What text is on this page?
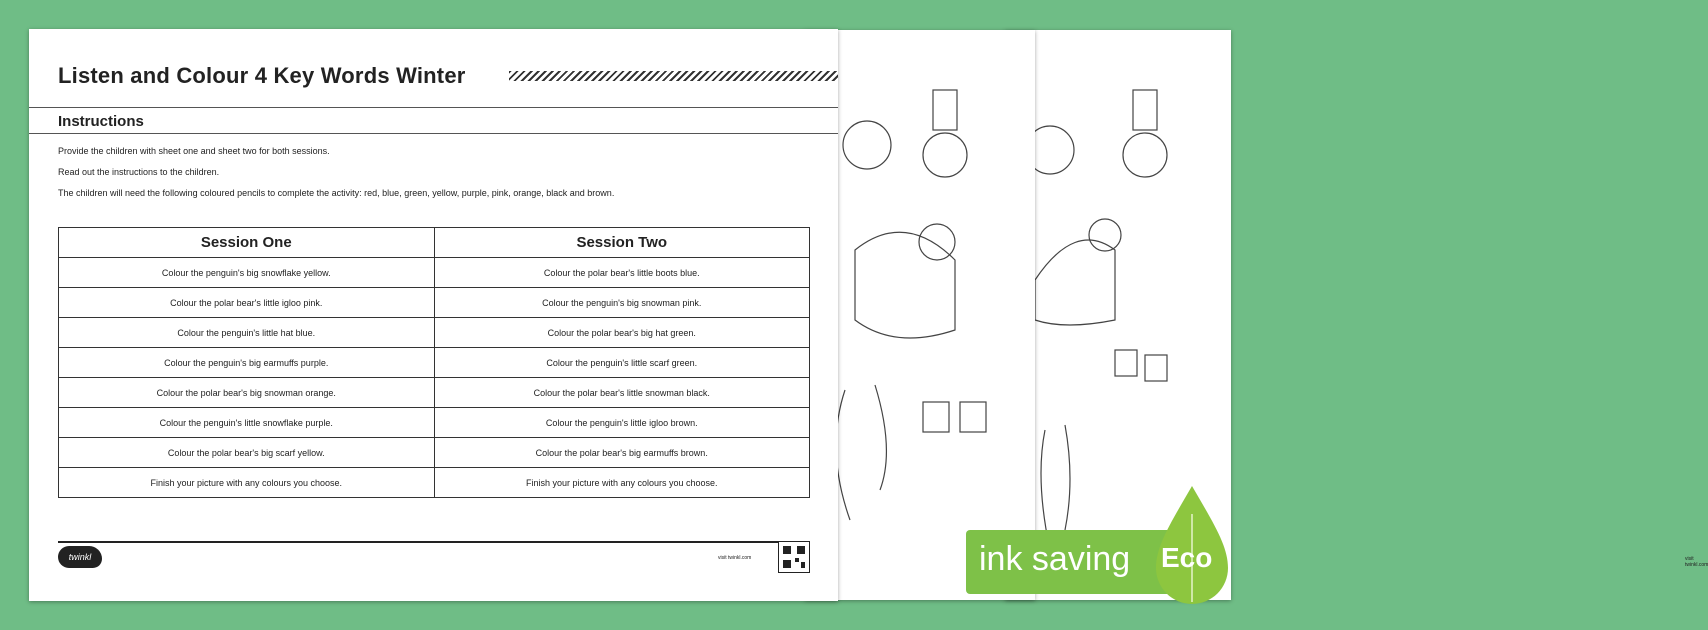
visit twinkl.com
Listen and Colour 4 Key Words Winter
Instructions
Provide the children with sheet one and sheet two for both sessions.
Read out the instructions to the children.
The children will need the following coloured pencils to complete the activity: red, blue, green, yellow, purple, pink, orange, black and brown.
Session One	Session Two
Colour the penguin's big snowflake yellow.	Colour the polar bear's little boots blue.
Colour the polar bear's little igloo pink.	Colour the penguin's big snowman pink.
Colour the penguin's little hat blue.	Colour the polar bear's big hat green.
Colour the penguin's big earmuffs purple.	Colour the penguin's little scarf green.
Colour the polar bear's big snowman orange.	Colour the polar bear's little snowman black.
Colour the penguin's little snowflake purple.	Colour the penguin's little igloo brown.
Colour the polar bear's big scarf yellow.	Colour the polar bear's big earmuffs brown.
Finish your picture with any colours you choose.	Finish your picture with any colours you choose.
twinkl	visit twinkl.com	ink saving Eco
